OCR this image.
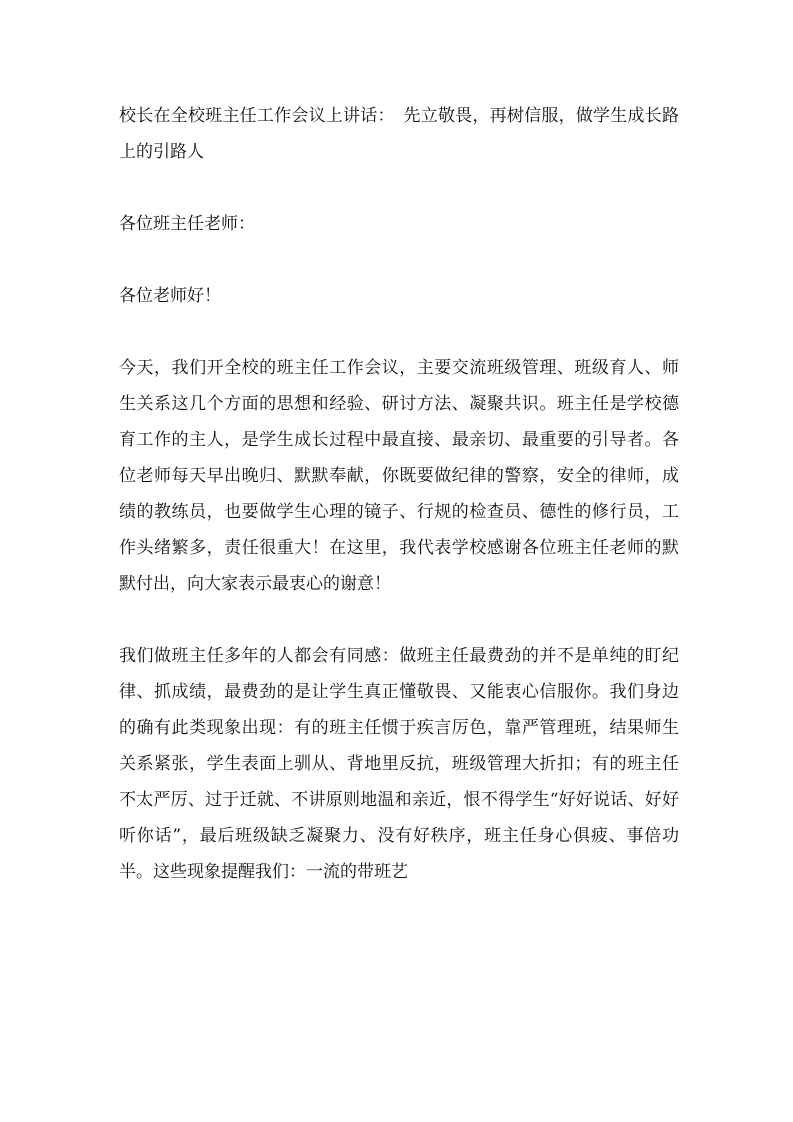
校长在全校班主任工作会议上讲话：　先立敬畏，再树信服，做学生成长路上的引路人

各位班主任老师：

各位老师好！

今天，我们开全校的班主任工作会议，主要交流班级管理、班级育人、师生关系这几个方面的思想和经验、研讨方法、凝聚共识。班主任是学校德育工作的主人，是学生成长过程中最直接、最亲切、最重要的引导者。各位老师每天早出晚归、默默奉献，你既要做纪律的警察，安全的律师，成绩的教练员，也要做学生心理的镜子、行规的检查员、德性的修行员，工作头绪繁多，责任很重大！在这里，我代表学校感谢各位班主任老师的默默付出，向大家表示最衷心的谢意！

我们做班主任多年的人都会有同感：做班主任最费劲的并不是单纯的盯纪律、抓成绩，最费劲的是让学生真正懂敬畏、又能衷心信服你。我们身边的确有此类现象出现：有的班主任惯于疾言厉色，靠严管理班，结果师生关系紧张，学生表面上驯从、背地里反抗，班级管理大折扣；有的班主任不太严厉、过于迁就、不讲原则地温和亲近，恨不得学生“好好说话、好好听你话”，最后班级缺乏凝聚力、没有好秩序，班主任身心俱疲、事倍功半。这些现象提醒我们：一流的带班艺
